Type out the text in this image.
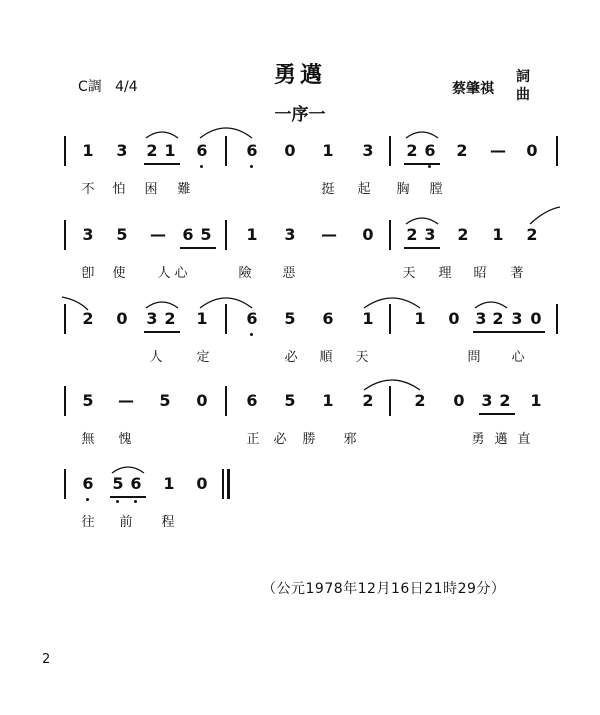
勇邁
C調 4/4	蔡肇祺
詞曲
一序一
1 3 2 1 6 6 0 1 3 2 6 2 — 0
不 怕 困 難	挺 起 胸 膛
3 5 — 6 5 1 3 — 0 2 3 2 1 2
卽 使 人 心	險 惡	天 理 昭 著
2 0 3 2 1 6 5 6 1	1 0 3 2 3 0
人	定	必 順 天	問 心
5 — 5 0 6 5 1 2	2 0 3 2 1
無 愧	正 必 勝 邪	勇 邁 直
6 5 6 1 0
往 前 程
（公元1978年12月16日21時29分）
2
